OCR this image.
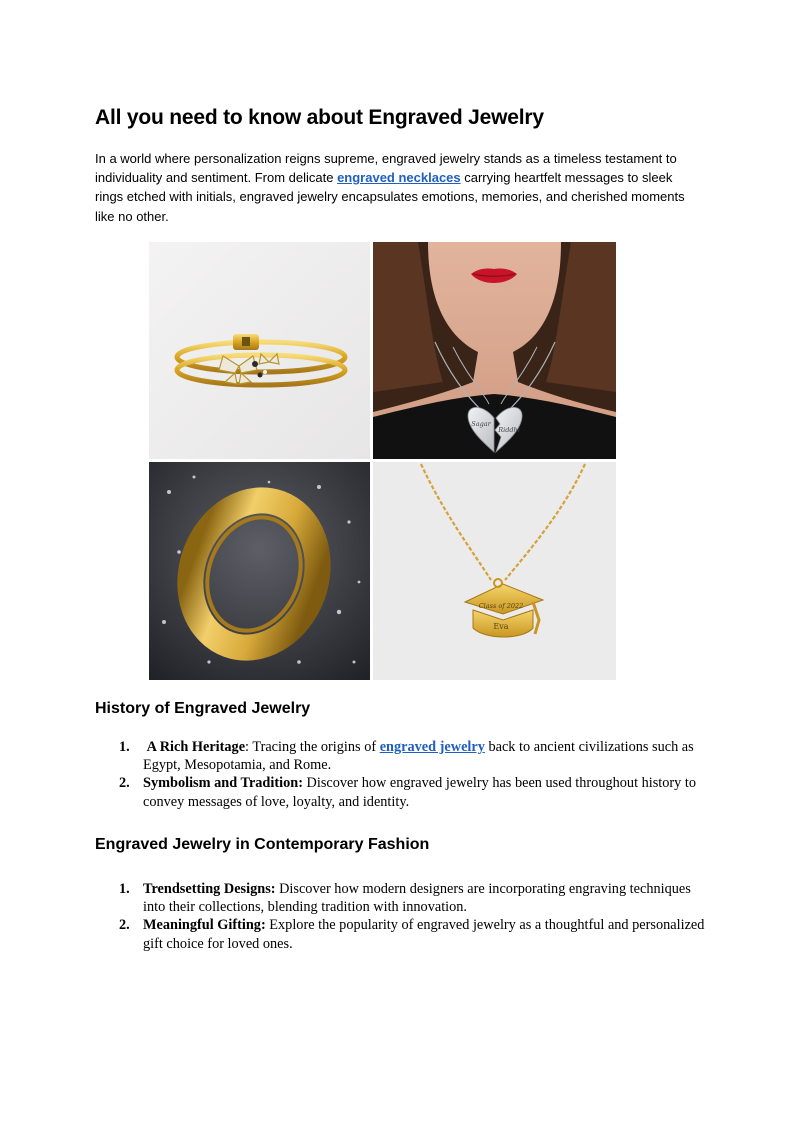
All you need to know about Engraved Jewelry

In a world where personalization reigns supreme, engraved jewelry stands as a timeless testament to individuality and sentiment. From delicate engraved necklaces carrying heartfelt messages to sleek rings etched with initials, engraved jewelry encapsulates emotions, memories, and cherished moments like no other.

Sagar
Riddhi
Class of 2022
Eva
History of Engraved Jewelry
1. A Rich Heritage: Tracing the origins of engraved jewelry back to ancient civilizations such as Egypt, Mesopotamia, and Rome.
2. Symbolism and Tradition: Discover how engraved jewelry has been used throughout history to convey messages of love, loyalty, and identity.
Engraved Jewelry in Contemporary Fashion
1. Trendsetting Designs: Discover how modern designers are incorporating engraving techniques into their collections, blending tradition with innovation.
2. Meaningful Gifting: Explore the popularity of engraved jewelry as a thoughtful and personalized gift choice for loved ones.
